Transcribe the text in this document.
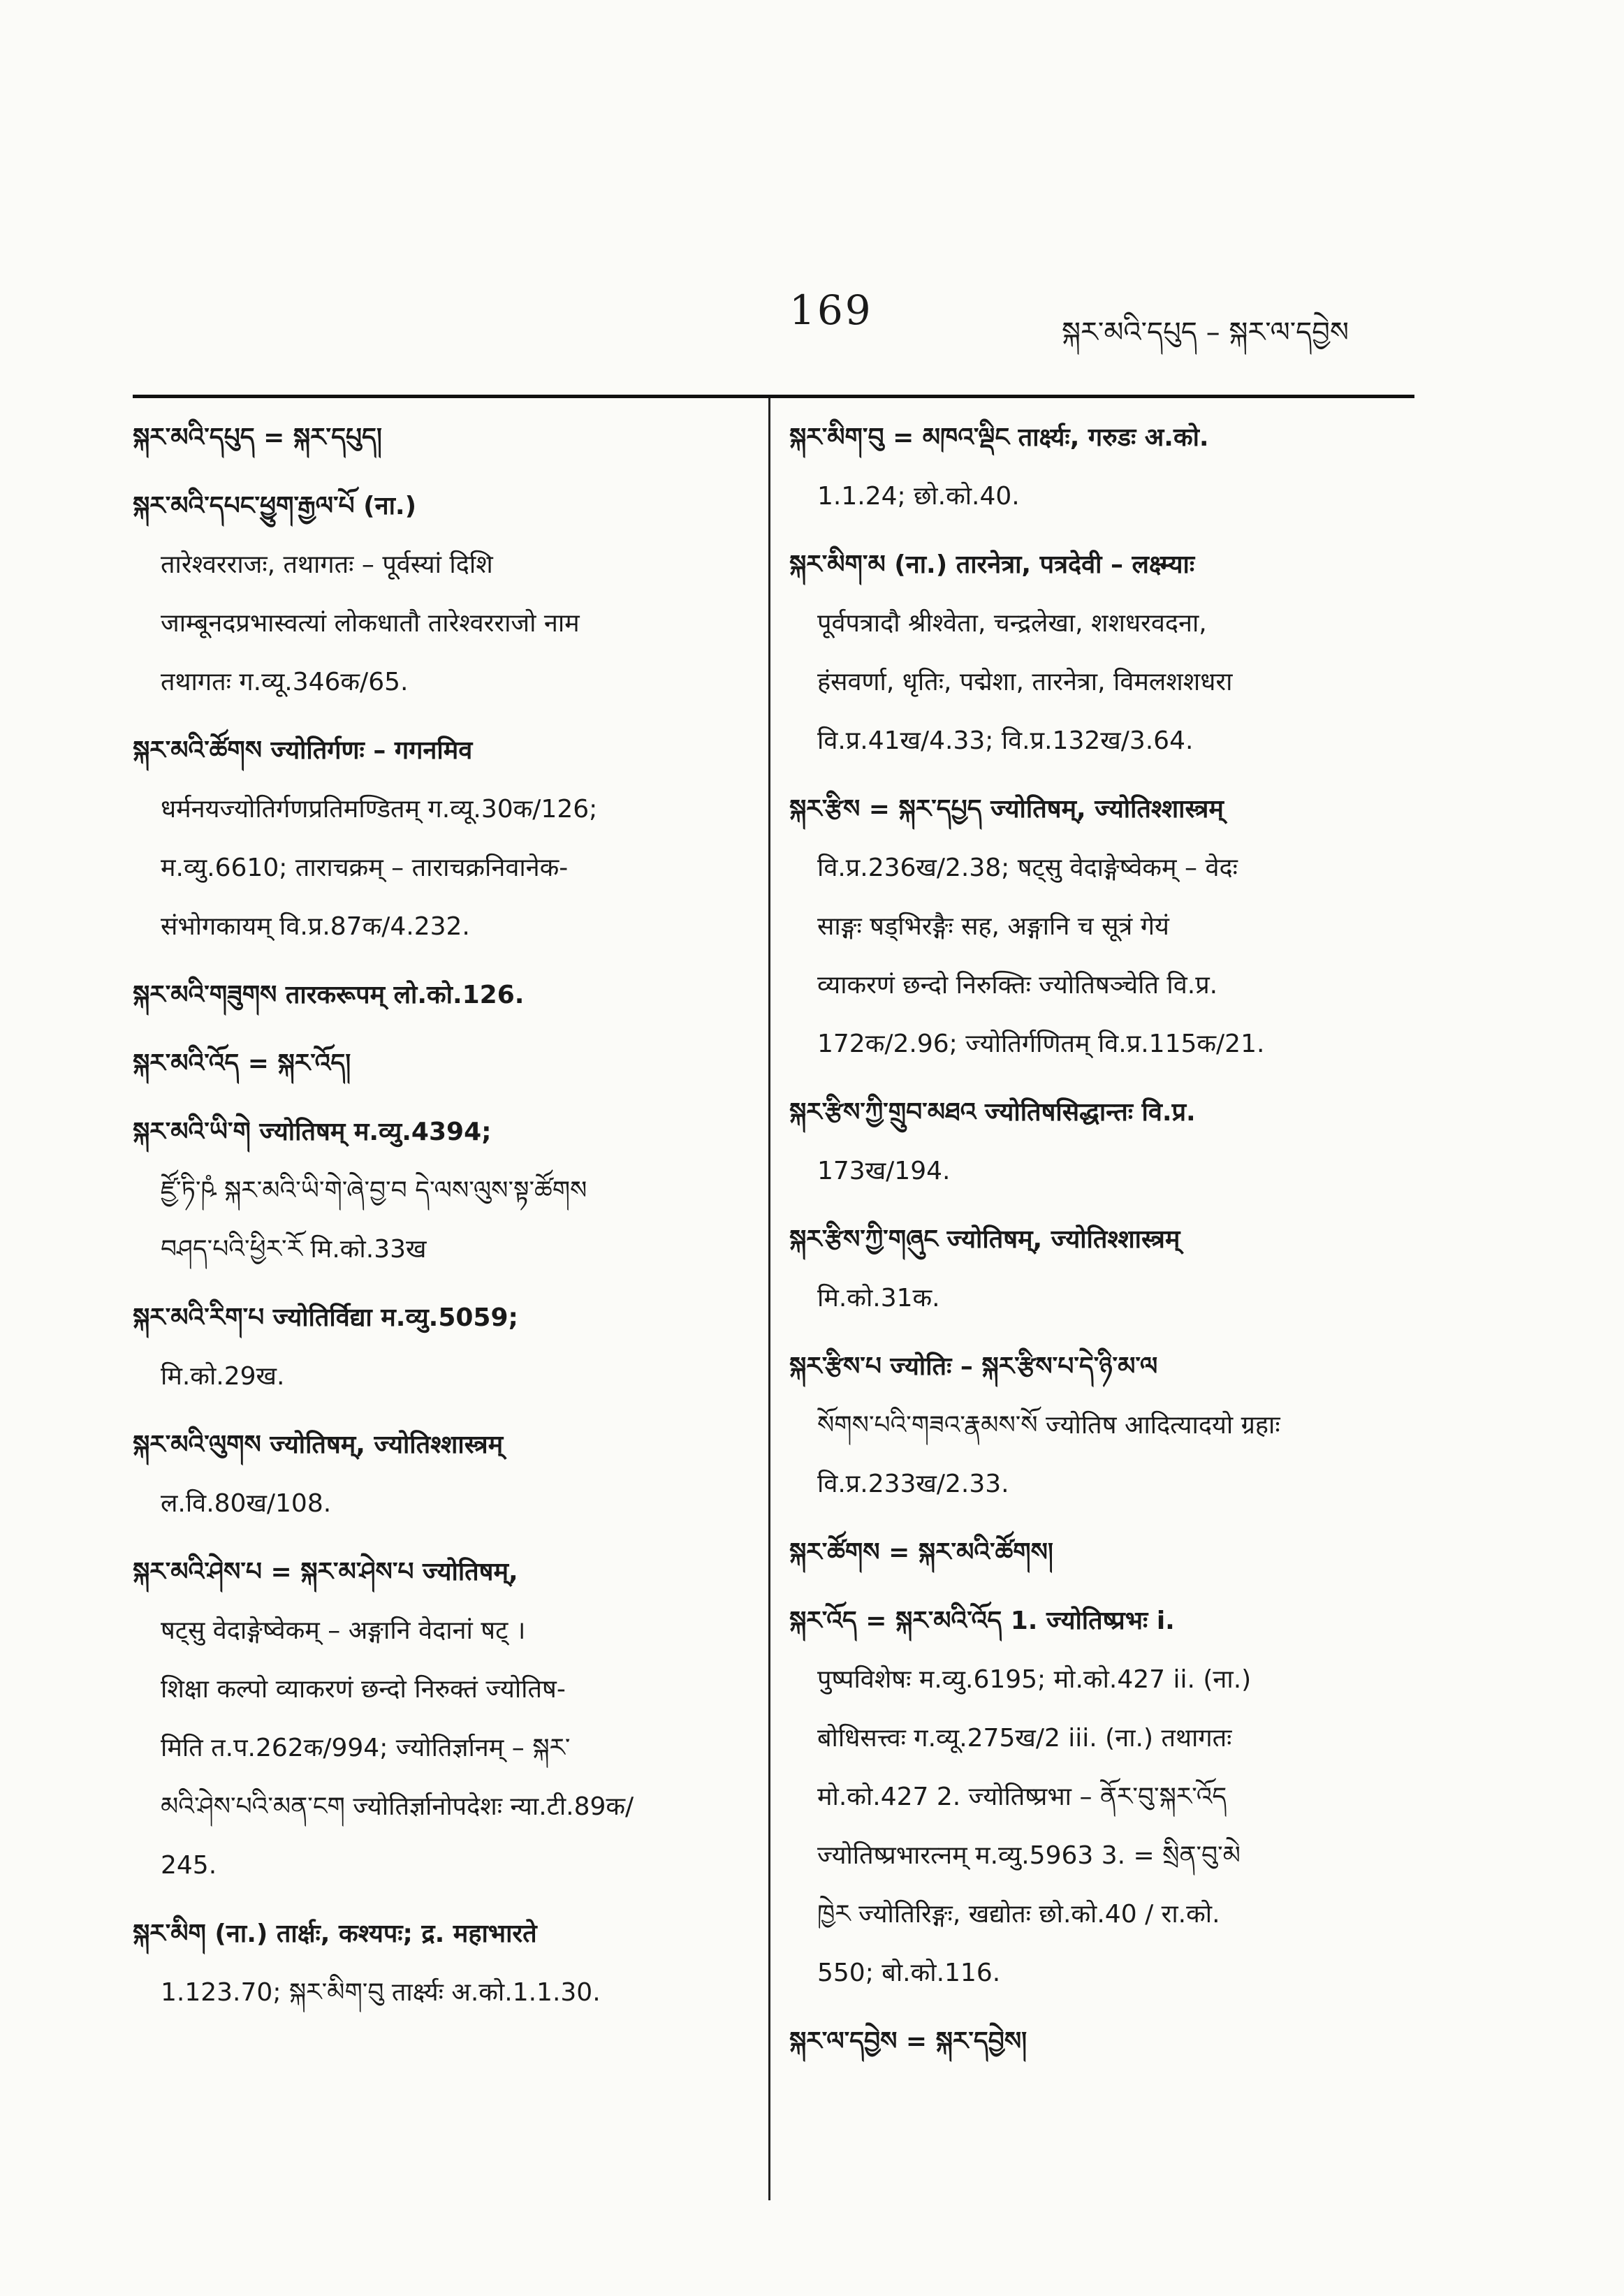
169	སྐར་མའི་དཔུད – སྐར་ལ་དབྱེས
སྐར་མའི་དཔུད = སྐར་དཔུད།
སྐར་མའི་དཔང་ཕྱུག་རྒྱལ་པོ (ना.)
तारेश्वरराजः, तथागतः – पूर्वस्यां दिशि
जाम्बूनदप्रभास्वत्यां लोकधातौ तारेश्वरराजो नाम
तथागतः ग.व्यू.346क/65.
སྐར་མའི་ཚོགས ज्योतिर्गणः – गगनमिव
धर्मनयज्योतिर्गणप्रतिमण्डितम् ग.व्यू.30क/126;
म.व्यु.6610; ताराचक्रम् – ताराचक्रनिवानेक-
संभोगकायम् वि.प्र.87क/4.232.
སྐར་མའི་གཟུགས तारकरूपम् लो.को.126.
སྐར་མའི་འོད = སྐར་འོད།
སྐར་མའི་ཡི་གེ ज्योतिषम् म.व्यु.4394;
ཛྱོ་ཏི་ཥཾ སྐར་མའི་ཡི་གེ་ཞེ་བྱ་བ དེ་ལས་ལུས་སྟ་ཚོགས
བཤད་པའི་ཕྱིར་རོ मि.को.33ख
སྐར་མའི་རིག་པ ज्योतिर्विद्या म.व्यु.5059;
मि.को.29ख.
སྐར་མའི་ལུགས ज्योतिषम्, ज्योतिश्शास्त्रम्
ल.वि.80ख/108.
སྐར་མའི་ཤེས་པ = སྐར་མ་ཤེས་པ ज्योतिषम्,
षट्सु वेदाङ्गेष्वेकम् – अङ्गानि वेदानां षट् ।
शिक्षा कल्पो व्याकरणं छन्दो निरुक्तं ज्योतिष-
मिति त.प.262क/994; ज्योतिर्ज्ञानम् – སྐར་
མའི་ཤེས་པའི་མན་ངག ज्योतिर्ज्ञानोपदेशः न्या.टी.89क/
245.
སྐར་མིག (ना.) तार्क्षः, कश्यपः; द्र. महाभारते
1.123.70; སྐར་མིག་བུ तार्क्ष्यः अ.को.1.1.30.
སྐར་མིག་བུ = མཁའ་ལྡིང तार्क्ष्यः, गरुडः अ.को.
1.1.24; छो.को.40.
སྐར་མིག་མ (ना.) तारनेत्रा, पत्रदेवी – लक्ष्म्याः
पूर्वपत्रादौ श्रीश्वेता, चन्द्रलेखा, शशधरवदना,
हंसवर्णा, धृतिः, पद्मेशा, तारनेत्रा, विमलशशधरा
वि.प्र.41ख/4.33; वि.प्र.132ख/3.64.
སྐར་རྩིས = སྐར་དཔྱད ज्योतिषम्, ज्योतिश्शास्त्रम्
वि.प्र.236ख/2.38; षट्सु वेदाङ्गेष्वेकम् – वेदः
साङ्गः षड्भिरङ्गैः सह, अङ्गानि च सूत्रं गेयं
व्याकरणं छन्दो निरुक्तिः ज्योतिषञ्चेति वि.प्र.
172क/2.96; ज्योतिर्गणितम् वि.प्र.115क/21.
སྐར་རྩིས་ཀྱི་གྲུབ་མཐའ ज्योतिषसिद्धान्तः वि.प्र.
173ख/194.
སྐར་རྩིས་ཀྱི་གཞུང ज्योतिषम्, ज्योतिश्शास्त्रम्
मि.को.31क.
སྐར་རྩིས་པ ज्योतिः – སྐར་རྩིས་པ་དེ་ཉི་མ་ལ
སོགས་པའི་གཟའ་རྣམས་སོ ज्योतिष आदित्यादयो ग्रहाः
वि.प्र.233ख/2.33.
སྐར་ཚོགས = སྐར་མའི་ཚོགས།
སྐར་འོད = སྐར་མའི་འོད 1. ज्योतिष्प्रभः i.
पुष्पविशेषः म.व्यु.6195; मो.को.427 ii. (ना.)
बोधिसत्त्वः ग.व्यू.275ख/2 iii. (ना.) तथागतः
मो.को.427 2. ज्योतिष्प्रभा – ནོར་བུ་སྐར་འོད
ज्योतिष्प्रभारत्नम् म.व्यु.5963 3. = སྲིན་བུ་མེ
ཁྱེར ज्योतिरिङ्गः, खद्योतः छो.को.40 / रा.को.
550; बो.को.116.
སྐར་ལ་དབྱེས = སྐར་དབྱེས།
